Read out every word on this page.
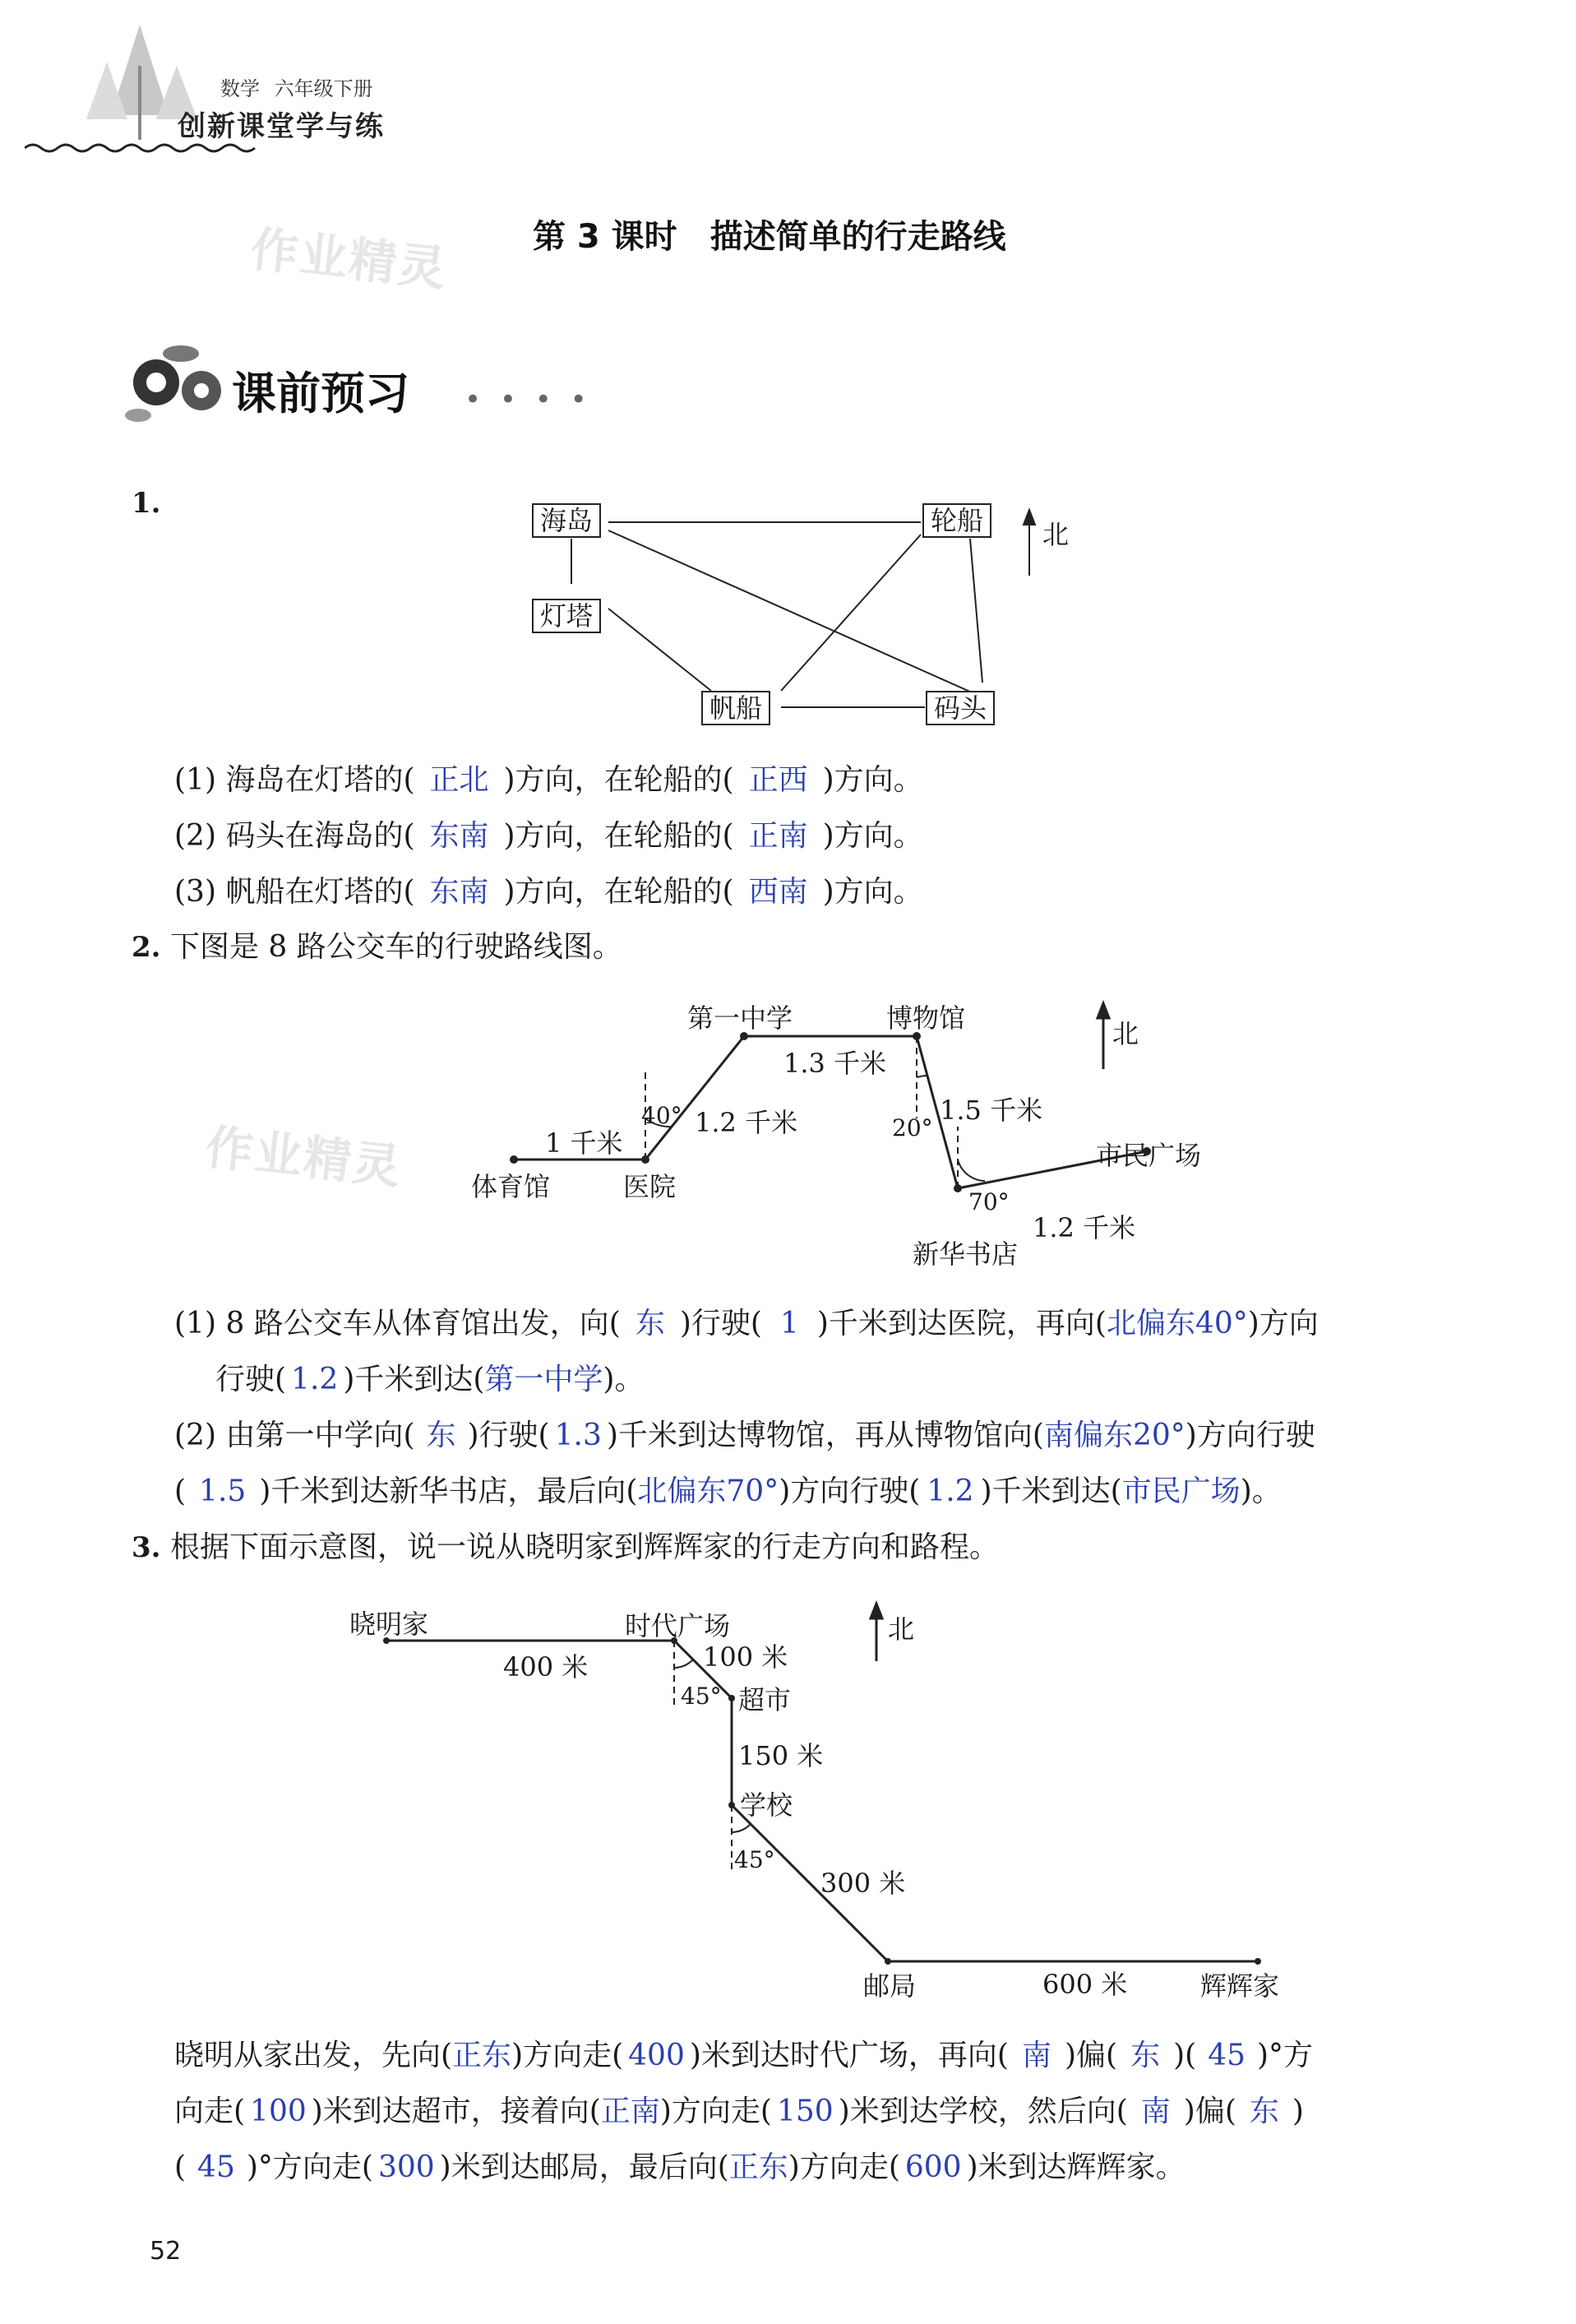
数学 六年级下册
创新课堂学与练
作业精灵	第 3 课时　描述简单的行走路线
课前预习 • • • •
1.
海岛	轮船
灯塔
帆船	码头
北
(1) 海岛在灯塔的( 正北 )方向，在轮船的( 正西 )方向。
(2) 码头在海岛的( 东南 )方向，在轮船的( 正南 )方向。
(3) 帆船在灯塔的( 东南 )方向，在轮船的( 西南 )方向。
2. 下图是 8 路公交车的行驶路线图。
作业精灵	体育馆	医院
第一中学	博物馆
新华书店
市民广场
北
1 千米
1.2 千米
1.3 千米
1.5 千米
1.2 千米
40°	20°
70°
(1) 8 路公交车从体育馆出发，向( 东 )行驶( 1 )千米到达医院，再向(北偏东40°)方向
行驶( 1.2 )千米到达(第一中学)。
(2) 由第一中学向( 东 )行驶( 1.3 )千米到达博物馆，再从博物馆向(南偏东20°)方向行驶
( 1.5 )千米到达新华书店，最后向(北偏东70°)方向行驶( 1.2 )千米到达(市民广场)。
3. 根据下面示意图，说一说从晓明家到辉辉家的行走方向和路程。
晓明家	时代广场
超市
学校
邮局	辉辉家
北
400 米	100 米
150 米
300 米
600 米
45°
45°
晓明从家出发，先向(正东)方向走( 400 )米到达时代广场，再向( 南 )偏( 东 )( 45 )°方
向走( 100 )米到达超市，接着向(正南)方向走( 150 )米到达学校，然后向( 南 )偏( 东 )
( 45 )°方向走( 300 )米到达邮局，最后向(正东)方向走( 600 )米到达辉辉家。
52
